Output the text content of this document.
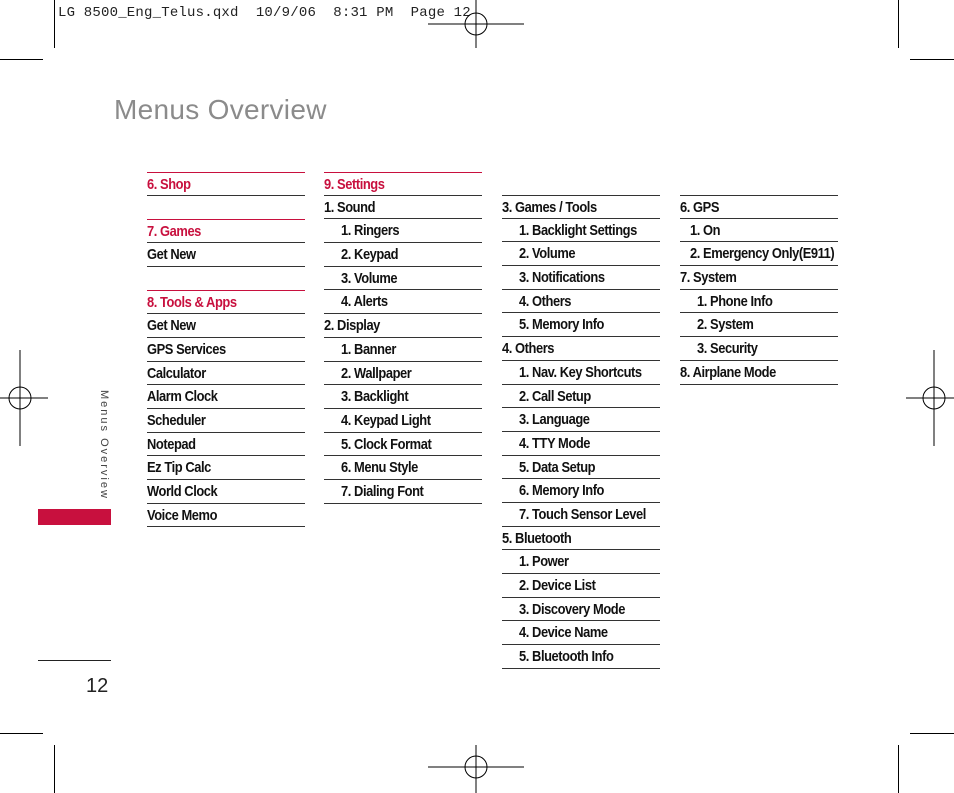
LG 8500_Eng_Telus.qxd  10/9/06  8:31 PM  Page 12
Menus Overview
Menus Overview
12
6. Shop
7. Games
Get New
8. Tools & Apps
Get New
GPS Services
Calculator
Alarm Clock
Scheduler
Notepad
Ez Tip Calc
World Clock
Voice Memo
9. Settings
1. Sound
1. Ringers
2. Keypad
3. Volume
4. Alerts
2. Display
1. Banner
2. Wallpaper
3. Backlight
4. Keypad Light
5. Clock Format
6. Menu Style
7. Dialing Font
3. Games / Tools
1. Backlight Settings
2. Volume
3. Notifications
4. Others
5. Memory Info
4. Others
1. Nav. Key Shortcuts
2. Call Setup
3. Language
4. TTY Mode
5. Data Setup
6. Memory Info
7. Touch Sensor Level
5. Bluetooth
1. Power
2. Device List
3. Discovery Mode
4. Device Name
5. Bluetooth Info
6. GPS
1. On
2. Emergency Only(E911)
7. System
1. Phone Info
2. System
3. Security
8. Airplane Mode
